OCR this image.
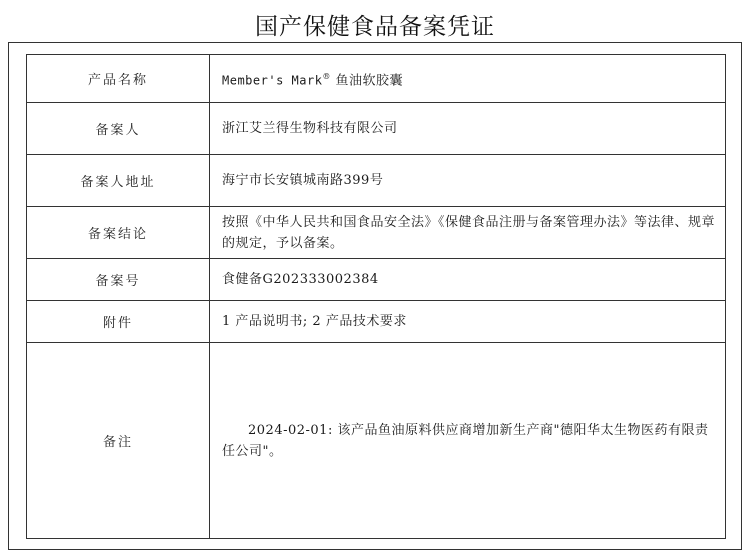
国产保健食品备案凭证
产品名称	Member's Mark® 鱼油软胶囊
备案人	浙江艾兰得生物科技有限公司
备案人地址	海宁市长安镇城南路399号
备案结论	按照《中华人民共和国食品安全法》《保健食品注册与备案管理办法》等法律、规章的规定，予以备案。
备案号	食健备G202333002384
附件	1 产品说明书; 2 产品技术要求
备注	2024-02-01: 该产品鱼油原料供应商增加新生产商"德阳华太生物医药有限责任公司"。
